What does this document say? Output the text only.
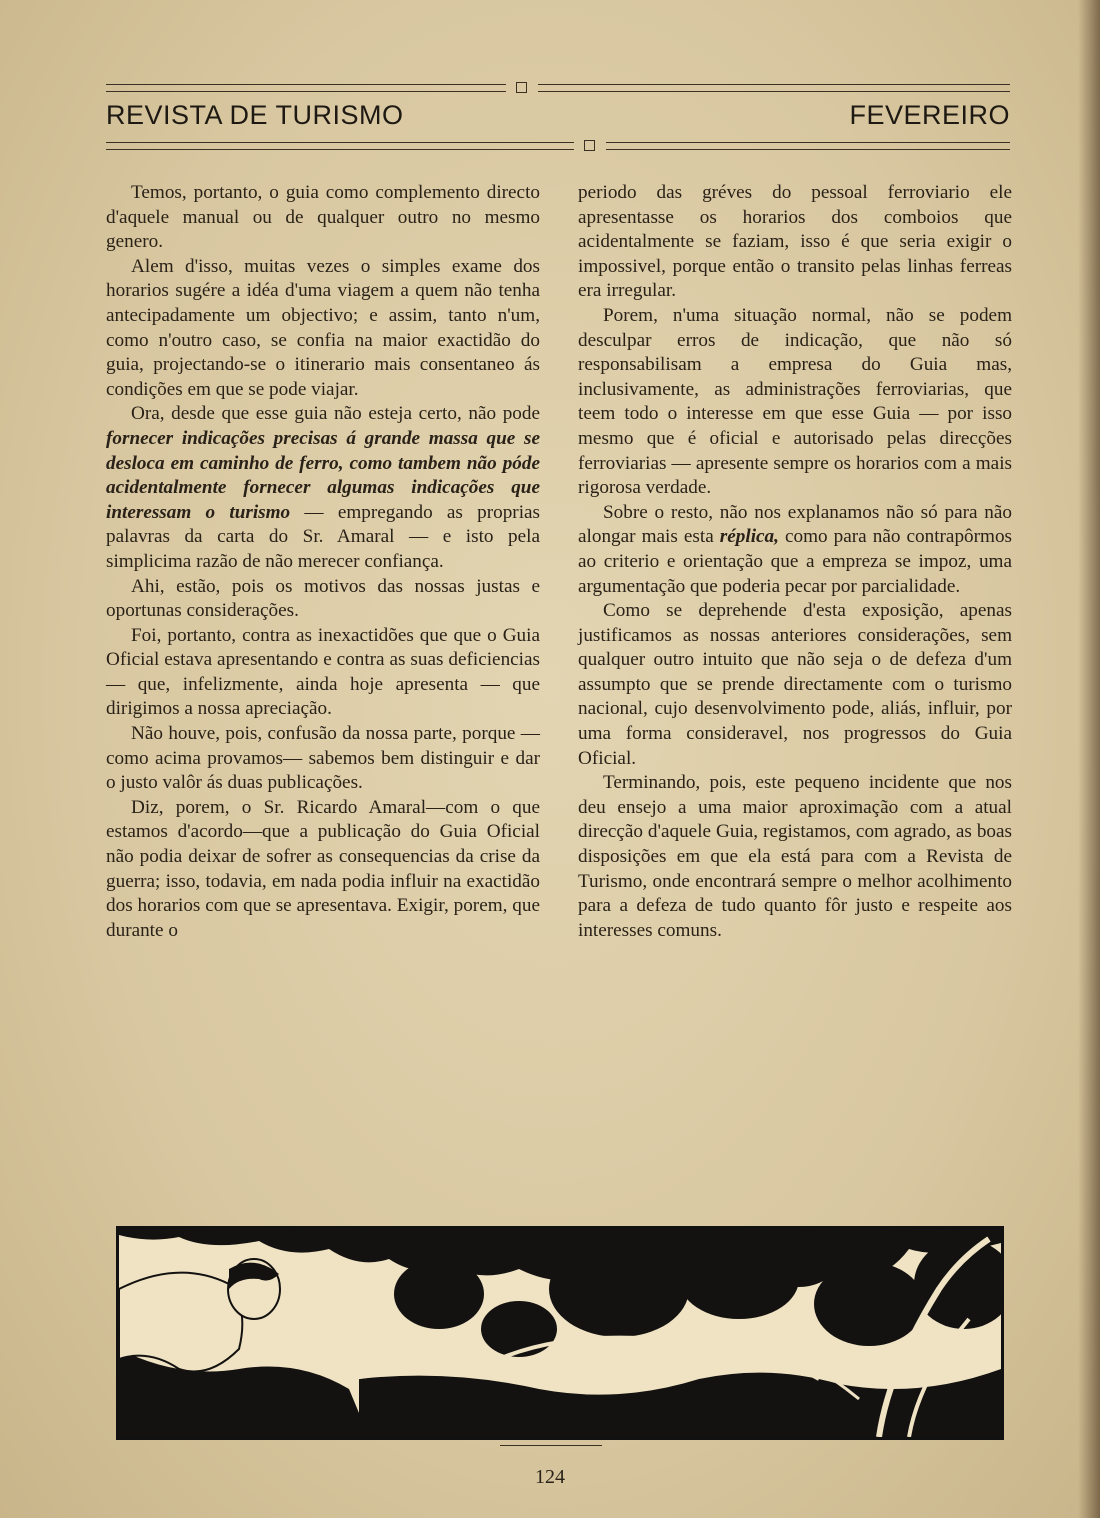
REVISTA DE TURISMO	FEVEREIRO

Temos, portanto, o guia como complemento directo d'aquele manual ou de qualquer outro no mesmo genero.

Alem d'isso, muitas vezes o simples exame dos horarios sugére a idéa d'uma viagem a quem não tenha antecipadamente um objectivo; e assim, tanto n'um, como n'outro caso, se confia na maior exactidão do guia, projectando-se o itinerario mais consentaneo ás condições em que se pode viajar.

Ora, desde que esse guia não esteja certo, não pode fornecer indicações precisas á grande massa que se desloca em caminho de ferro, como tambem não póde acidentalmente fornecer algumas indicações que interessam o turismo — empregando as proprias palavras da carta do Sr. Amaral — e isto pela simplicima razão de não merecer confiança.

Ahi, estão, pois os motivos das nossas justas e oportunas considerações.

Foi, portanto, contra as inexactidões que que o Guia Oficial estava apresentando e contra as suas deficiencias — que, infelizmente, ainda hoje apresenta — que dirigimos a nossa apreciação.

Não houve, pois, confusão da nossa parte, porque — como acima provamos— sabemos bem distinguir e dar o justo valôr ás duas publicações.

Diz, porem, o Sr. Ricardo Amaral—com o que estamos d'acordo—que a publicação do Guia Oficial não podia deixar de sofrer as consequencias da crise da guerra; isso, todavia, em nada podia influir na exactidão dos horarios com que se apresentava. Exigir, porem, que durante o

periodo das gréves do pessoal ferroviario ele apresentasse os horarios dos comboios que acidentalmente se faziam, isso é que seria exigir o impossivel, porque então o transito pelas linhas ferreas era irregular.

Porem, n'uma situação normal, não se podem desculpar erros de indicação, que não só responsabilisam a empresa do Guia mas, inclusivamente, as administrações ferroviarias, que teem todo o interesse em que esse Guia — por isso mesmo que é oficial e autorisado pelas direcções ferroviarias — apresente sempre os horarios com a mais rigorosa verdade.

Sobre o resto, não nos explanamos não só para não alongar mais esta réplica, como para não contrapôrmos ao criterio e orientação que a empreza se impoz, uma argumentação que poderia pecar por parcialidade.

Como se deprehende d'esta exposição, apenas justificamos as nossas anteriores considerações, sem qualquer outro intuito que não seja o de defeza d'um assumpto que se prende directamente com o turismo nacional, cujo desenvolvimento pode, aliás, influir, por uma forma consideravel, nos progressos do Guia Oficial.

Terminando, pois, este pequeno incidente que nos deu ensejo a uma maior aproximação com a atual direcção d'aquele Guia, registamos, com agrado, as boas disposições em que ela está para com a Revista de Turismo, onde encontrará sempre o melhor acolhimento para a defeza de tudo quanto fôr justo e respeite aos interesses comuns.

124
